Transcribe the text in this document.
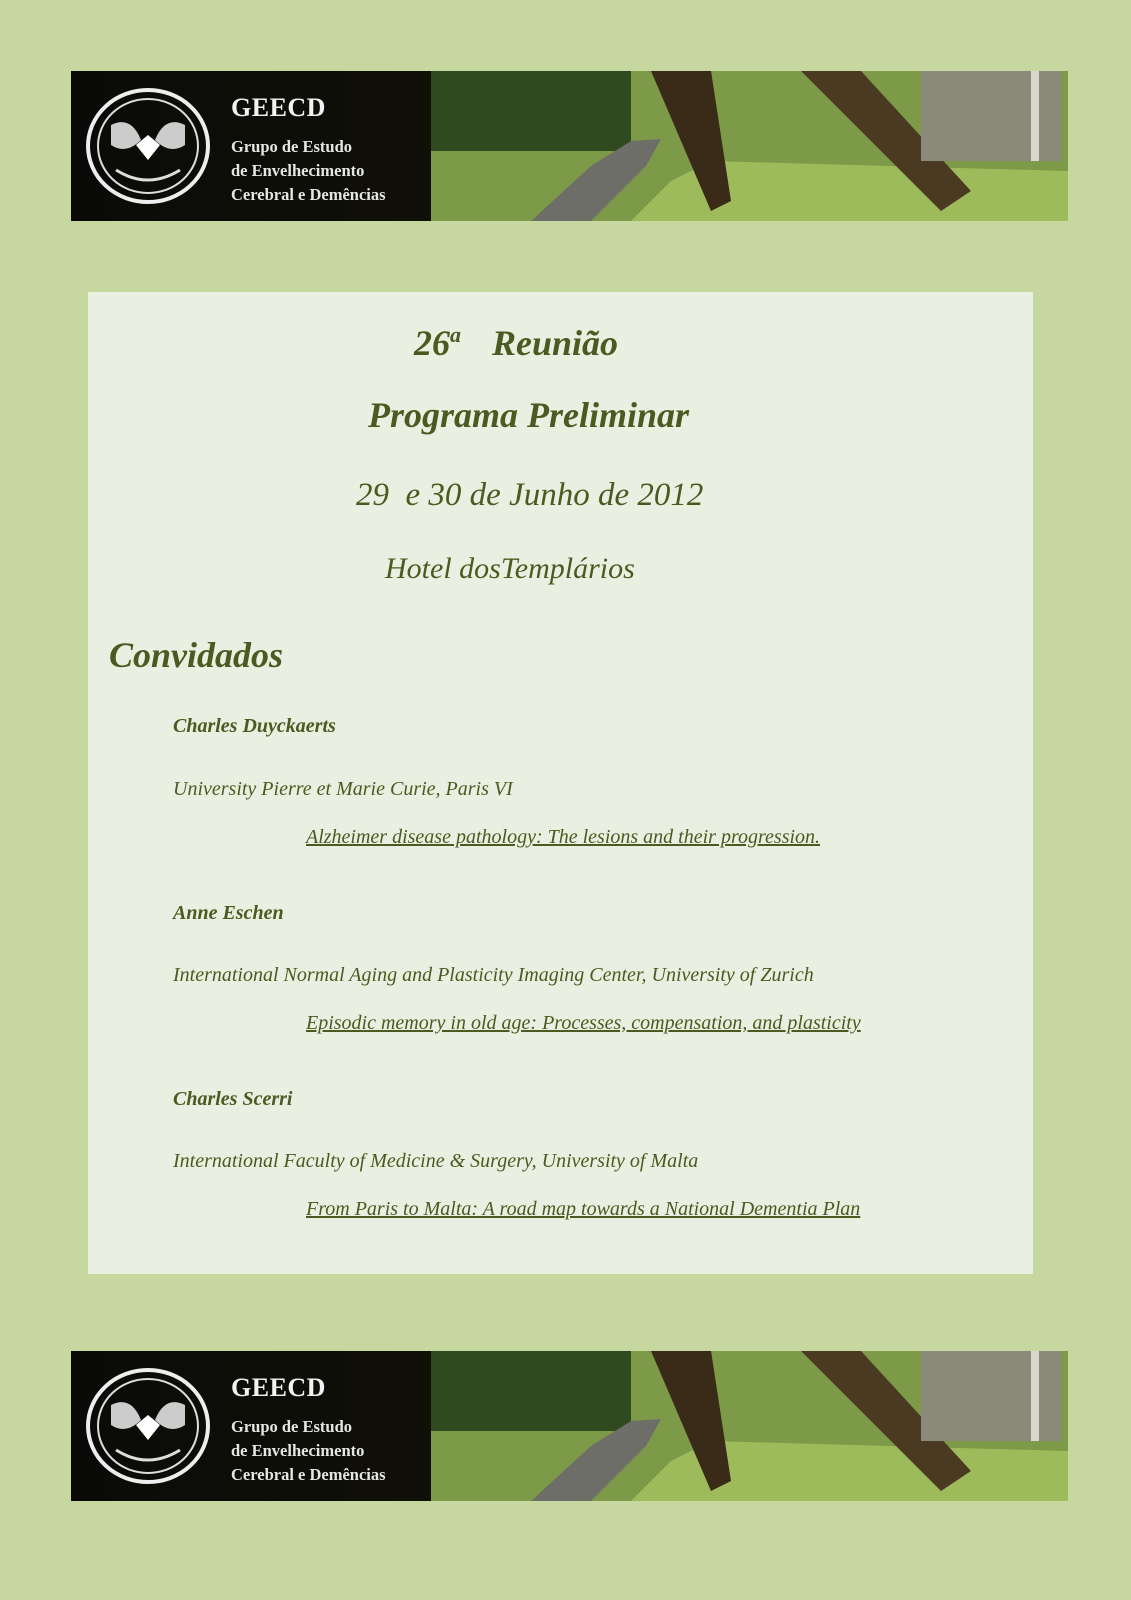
GEECD
Grupo de Estudo
de Envelhecimento
Cerebral e Demências
26$^a$ Reunião
Programa Preliminar
29  e 30 de Junho de 2012
Hotel dosTemplários
Convidados
Charles Duyckaerts
University Pierre et Marie Curie, Paris VI
Alzheimer disease pathology: The lesions and their progression.
Anne Eschen
International Normal Aging and Plasticity Imaging Center, University of Zurich
Episodic memory in old age: Processes, compensation, and plasticity
Charles Scerri
International Faculty of Medicine & Surgery, University of Malta
From Paris to Malta: A road map towards a National Dementia Plan
GEECD
Grupo de Estudo
de Envelhecimento
Cerebral e Demências
